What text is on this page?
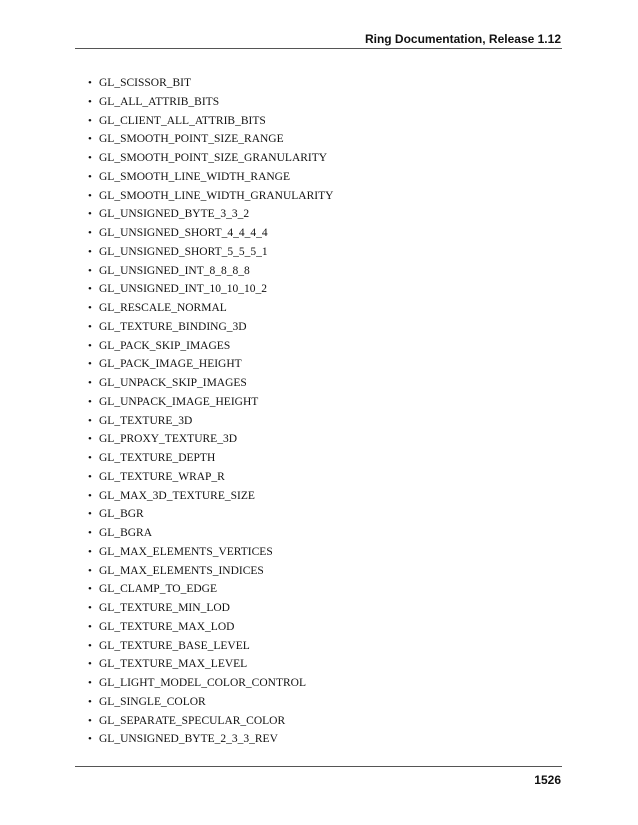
Ring Documentation, Release 1.12
• GL_SCISSOR_BIT
• GL_ALL_ATTRIB_BITS
• GL_CLIENT_ALL_ATTRIB_BITS
• GL_SMOOTH_POINT_SIZE_RANGE
• GL_SMOOTH_POINT_SIZE_GRANULARITY
• GL_SMOOTH_LINE_WIDTH_RANGE
• GL_SMOOTH_LINE_WIDTH_GRANULARITY
• GL_UNSIGNED_BYTE_3_3_2
• GL_UNSIGNED_SHORT_4_4_4_4
• GL_UNSIGNED_SHORT_5_5_5_1
• GL_UNSIGNED_INT_8_8_8_8
• GL_UNSIGNED_INT_10_10_10_2
• GL_RESCALE_NORMAL
• GL_TEXTURE_BINDING_3D
• GL_PACK_SKIP_IMAGES
• GL_PACK_IMAGE_HEIGHT
• GL_UNPACK_SKIP_IMAGES
• GL_UNPACK_IMAGE_HEIGHT
• GL_TEXTURE_3D
• GL_PROXY_TEXTURE_3D
• GL_TEXTURE_DEPTH
• GL_TEXTURE_WRAP_R
• GL_MAX_3D_TEXTURE_SIZE
• GL_BGR
• GL_BGRA
• GL_MAX_ELEMENTS_VERTICES
• GL_MAX_ELEMENTS_INDICES
• GL_CLAMP_TO_EDGE
• GL_TEXTURE_MIN_LOD
• GL_TEXTURE_MAX_LOD
• GL_TEXTURE_BASE_LEVEL
• GL_TEXTURE_MAX_LEVEL
• GL_LIGHT_MODEL_COLOR_CONTROL
• GL_SINGLE_COLOR
• GL_SEPARATE_SPECULAR_COLOR
• GL_UNSIGNED_BYTE_2_3_3_REV
1526
